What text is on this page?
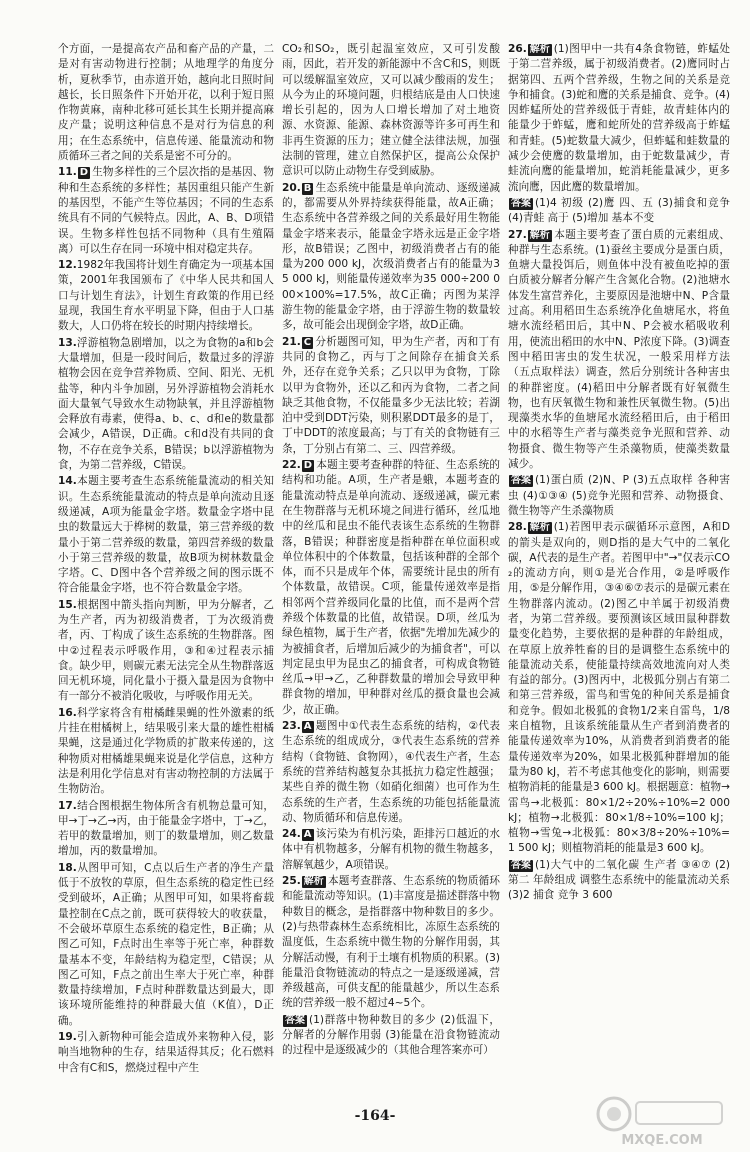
个方面，一是提高农产品和畜产品的产量，二是对有害动物进行控制；从地理学的角度分析，夏秋季节，由赤道开始，越向北日照时间越长，长日照条件下开始开花，以利于短日照作物黄麻，南种北移可延长其生长期并提高麻皮产量；说明这种信息不是对行为信息的利用；在生态系统中，信息传递、能量流动和物质循环三者之间的关系是密不可分的。
11. D 生物多样性的三个层次指的是基因、物种和生态系统的多样性；基因重组只能产生新的基因型，不能产生等位基因；不同的生态系统具有不同的气候特点。因此，A、B、D项错误。生物多样性包括不同物种（具有生殖隔离）可以生存在同一环境中相对稳定共存。
12.1982年我国将计划生育确定为一项基本国策，2001年我国颁布了《中华人民共和国人口与计划生育法》，计划生育政策的作用已经显现，我国生育水平明显下降，但由于人口基数大，人口仍将在较长的时期内持续增长。
13.浮游植物急剧增加，以之为食物的a和b会大量增加，但是一段时间后，数量过多的浮游植物会因在竞争营养物质、空间、阳光、无机盐等，种内斗争加剧，另外浮游植物会消耗水面大量氧气导致水生动物缺氧，并且浮游植物会释放有毒素，使得a、b、c、d和e的数量都会减少，A错误，D正确。c和d没有共同的食物，不存在竞争关系，B错误；b以浮游植物为食，为第二营养级，C错误。
14.本题主要考查生态系统能量流动的相关知识。生态系统能量流动的特点是单向流动且逐级递减，A项为能量金字塔。数量金字塔中昆虫的数量远大于桦树的数量，第三营养级的数量小于第二营养级的数量，第四营养级的数量小于第三营养级的数量，故B项为树林数量金字塔。C、D图中各个营养级之间的图示既不符合能量金字塔，也不符合数量金字塔。
15.根据图中箭头指向判断，甲为分解者，乙为生产者，丙为初级消费者，丁为次级消费者，丙、丁构成了该生态系统的生物群落。图中②过程表示呼吸作用，③和④过程表示捕食。缺少甲，则碳元素无法完全从生物群落返回无机环境，同化量小于摄入量是因为食物中有一部分不被消化吸收，与呼吸作用无关。
16.科学家将含有柑橘雌果蝇的性外激素的纸片挂在柑橘树上，结果吸引来大量的雄性柑橘果蝇，这是通过化学物质的扩散来传递的，这种物质对柑橘雄果蝇来说是化学信息，这种方法是利用化学信息对有害动物控制的方法属于生物防治。
17.结合图根据生物体所含有机物总量可知，甲→丁→乙→丙，由于能量金字塔中，丁→乙，若甲的数量增加，则丁的数量增加，则乙数量增加，丙的数量增加。
18.从图甲可知，C点以后生产者的净生产量低于不放牧的草原，但生态系统的稳定性已经受到破坏，A正确；从图甲可知，如果将畜载量控制在C点之前，既可获得较大的收获量，不会破坏草原生态系统的稳定性，B正确；从图乙可知，F点时出生率等于死亡率，种群数量基本不变，年龄结构为稳定型，C错误；从图乙可知，F点之前出生率大于死亡率，种群数量持续增加，F点时种群数量达到最大，即该环境所能维持的种群最大值（K值），D正确。
19.引入新物种可能会造成外来物种入侵，影响当地物种的生存，结果适得其反；化石燃料中含有C和S，燃烧过程中产生
CO₂和SO₂，既引起温室效应，又可引发酸雨，因此，若开发的新能源中不含C和S，则既可以缓解温室效应，又可以减少酸雨的发生；从今为止的环境问题，归根结底是由人口快速增长引起的，因为人口增长增加了对土地资源、水资源、能源、森林资源等许多可再生和非再生资源的压力；建立健全法律法规，加强法制的管理，建立自然保护区，提高公众保护意识可以防止动物生存受到威胁。
20. B 生态系统中能量是单向流动、逐级递减的，都需要从外界持续获得能量，故A正确；生态系统中各营养级之间的关系最好用生物能量金字塔来表示，能量金字塔永远是正金字塔形，故B错误；乙图中，初级消费者占有的能量为200 000 kJ，次级消费者占有的能量为35 000 kJ，则能量传递效率为35 000÷200 000×100%=17.5%，故C正确；丙图为某浮游生物的能量金字塔，由于浮游生物的数量较多，故可能会出现倒金字塔，故D正确。
21. C 分析题图可知，甲为生产者，丙和丁有共同的食物乙，丙与丁之间除存在捕食关系外，还存在竞争关系；乙只以甲为食物，丁除以甲为食物外，还以乙和丙为食物，二者之间缺乏其他食物，不仅能量多少无法比较；若湖泊中受到DDT污染，则积累DDT最多的是丁，丁中DDT的浓度最高；与丁有关的食物链有三条，丁分别占有第二、三、四营养级。
22. D 本题主要考查种群的特征、生态系统的结构和功能。A项，生产者是蛾，本题考查的能量流动特点是单向流动、逐级递减，碳元素在生物群落与无机环境之间进行循环，丝瓜地中的丝瓜和昆虫不能代表该生态系统的生物群落，B错误；种群密度是指种群在单位面积或单位体积中的个体数量，包括该种群的全部个体，而不只是成年个体，需要统计昆虫的所有个体数量，故错误。C项，能量传递效率是指相邻两个营养级同化量的比值，而不是两个营养级个体数量的比值，故错误。D项，丝瓜为绿色植物，属于生产者，依据"先增加先减少的为被捕食者，后增加后减少的为捕食者"，可以判定昆虫甲为昆虫乙的捕食者，可构成食物链丝瓜→甲→乙，乙种群数量的增加会导致甲种群食物的增加，甲种群对丝瓜的摄食量也会减少，故正确。
23. A 题图中①代表生态系统的结构，②代表生态系统的组成成分，③代表生态系统的营养结构（食物链、食物网），④代表生产者，生态系统的营养结构越复杂其抵抗力稳定性越强；某些自养的微生物（如硝化细菌）也可作为生态系统的生产者，生态系统的功能包括能量流动、物质循环和信息传递。
24. A 该污染为有机污染，距排污口越近的水体中有机物越多，分解有机物的微生物越多，溶解氧越少，A项错误。
25. 解析 本题考查群落、生态系统的物质循环和能量流动等知识。(1)丰富度是描述群落中物种数目的概念，是指群落中物种数目的多少。(2)与热带森林生态系统相比，冻原生态系统的温度低，生态系统中微生物的分解作用弱，其分解活动慢，有利于土壤有机物质的积累。(3)能量沿食物链流动的特点之一是逐级递减，营养级越高，可供支配的能量越少，所以生态系统的营养级一般不超过4~5个。
答案 (1)群落中物种数目的多少 (2)低温下，分解者的分解作用弱 (3)能量在沿食物链流动的过程中是逐级减少的（其他合理答案亦可）
26. 解析 (1)图甲中一共有4条食物链，蚱蜢处于第二营养级，属于初级消费者。(2)鹰同时占据第四、五两个营养级，生物之间的关系是竞争和捕食。(3)蛇和鹰的关系是捕食、竞争。(4)因蚱蜢所处的营养级低于青蛙，故青蛙体内的能量少于蚱蜢，鹰和蛇所处的营养级高于蚱蜢和青蛙。(5)蛇数量大减少，但蚱蜢和蛙数量的减少会使鹰的数量增加，由于蛇数量减少，青蛙流向鹰的能量增加，蛇消耗能量减少，更多流向鹰，因此鹰的数量增加。
答案 (1)4 初级 (2)鹰 四、五 (3)捕食和竞争 (4)青蛙 高于 (5)增加 基本不变
27. 解析 本题主要考查了蛋白质的元素组成、种群与生态系统。(1)蚕丝主要成分是蛋白质，鱼塘大量投饵后，则鱼体中没有被鱼吃掉的蛋白质被分解者分解产生含氮化合物。(2)池塘水体发生富营养化，主要原因是池塘中N、P含量过高。利用稻田生态系统净化鱼塘尾水，将鱼塘水流经稻田后，其中N、P会被水稻吸收利用，使流出稻田的水中N、P浓度下降。(3)调查图中稻田害虫的发生状况，一般采用样方法（五点取样法）调查，然后分别统计各种害虫的种群密度。(4)稻田中分解者既有好氧微生物，也有厌氧微生物和兼性厌氧微生物。(5)出现藻类水华的鱼塘尾水流经稻田后，由于稻田中的水稻等生产者与藻类竞争光照和营养、动物摄食、微生物等产生杀藻物质，使藻类数量减少。
答案 (1)蛋白质 (2)N、P (3)五点取样 各种害虫 (4)①③④ (5)竞争光照和营养、动物摄食、微生物等产生杀藻物质
28. 解析 (1)若图甲表示碳循环示意图，A和D的箭头是双向的，则D指的是大气中的二氧化碳，A代表的是生产者。若图甲中"→"仅表示CO₂的流动方向，则①是光合作用，②是呼吸作用，⑤是分解作用，③④⑥⑦表示的是碳元素在生物群落内流动。(2)图乙中羊属于初级消费者，为第二营养级。要预测该区域田鼠种群数量变化趋势，主要依据的是种群的年龄组成，在草原上放养牲畜的目的是调整生态系统中的能量流动关系，使能量持续高效地流向对人类有益的部分。(3)图丙中，北极狐分别占有第二和第三营养级，雷鸟和雪兔的种间关系是捕食和竞争。假如北极狐的食物1/2来自雷鸟，1/8来自植物，且该系统能量从生产者到消费者的能量传递效率为10%，从消费者到消费者的能量传递效率为20%，如果北极狐种群增加的能量为80 kJ，若不考虑其他变化的影响，则需要植物消耗的能量是3 600 kJ。根据题意：植物→雷鸟→北极狐：80×1/2÷20%÷10%=2 000 kJ；植物→北极狐：80×1/8÷10%=100 kJ；植物→雪兔→北极狐：80×3/8÷20%÷10%=1 500 kJ；则植物消耗的能量是3 600 kJ。
答案 (1)大气中的二氧化碳 生产者 ③④⑦ (2)第二 年龄组成 调整生态系统中的能量流动关系 (3)2 捕食 竞争 3 600
-164-
MXQE.COM
